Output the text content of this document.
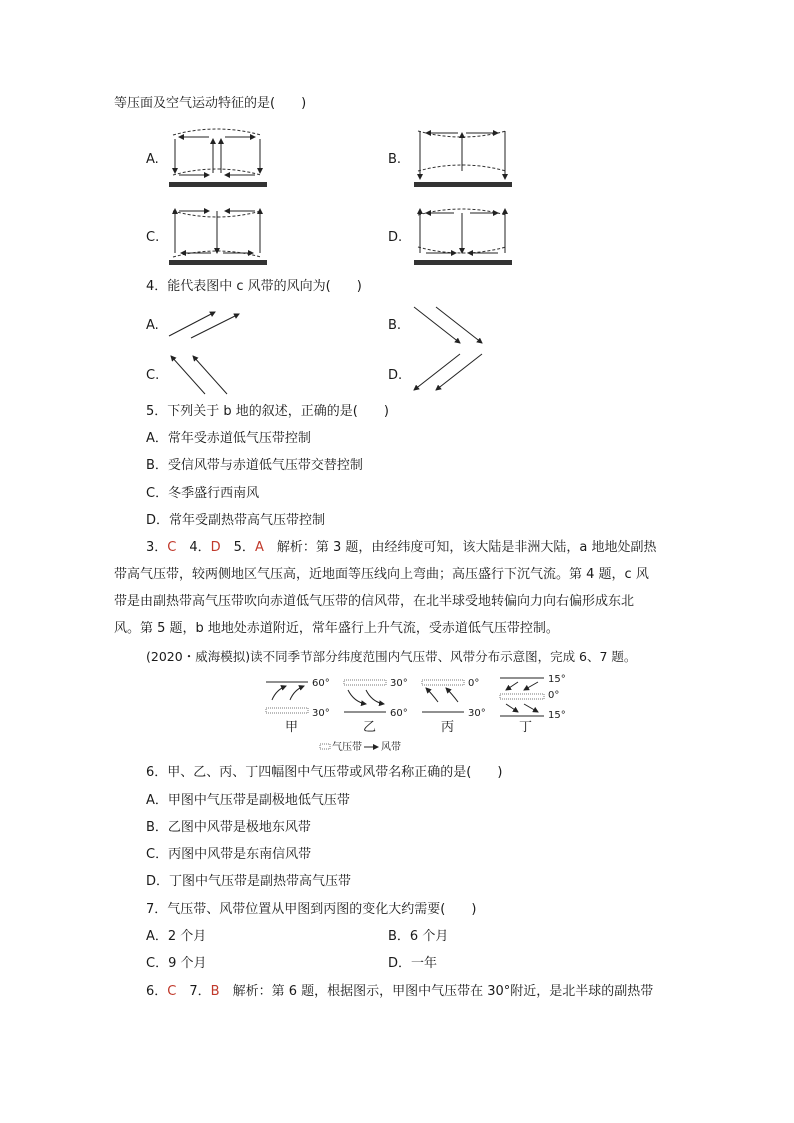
等压面及空气运动特征的是(　　)
A.	B.
C.	D.
4．能代表图中 c 风带的风向为(　　)
A.	B.
C.	D.
5．下列关于 b 地的叙述，正确的是(　　)
A．常年受赤道低气压带控制
B．受信风带与赤道低气压带交替控制
C．冬季盛行西南风
D．常年受副热带高气压带控制
3．C　4．D　5．A　解析：第 3 题，由经纬度可知，该大陆是非洲大陆，a 地地处副热
带高气压带，较两侧地区气压高，近地面等压线向上弯曲；高压盛行下沉气流。第 4 题，c 风
带是由副热带高气压带吹向赤道低气压带的信风带，在北半球受地转偏向力向右偏形成东北
风。第 5 题，b 地地处赤道附近，常年盛行上升气流，受赤道低气压带控制。
(2020・威海模拟)读不同季节部分纬度范围内气压带、风带分布示意图，完成 6、7 题。
60°
30°
甲
30°
60°
乙
0°
30°
丙
15°
0°
15°
丁
气压带 风带
6．甲、乙、丙、丁四幅图中气压带或风带名称正确的是(　　)
A．甲图中气压带是副极地低气压带
B．乙图中风带是极地东风带
C．丙图中风带是东南信风带
D．丁图中气压带是副热带高气压带
7．气压带、风带位置从甲图到丙图的变化大约需要(　　)
A．2 个月	B．6 个月
C．9 个月	D．一年
6．C　7．B　解析：第 6 题，根据图示，甲图中气压带在 30°附近，是北半球的副热带
